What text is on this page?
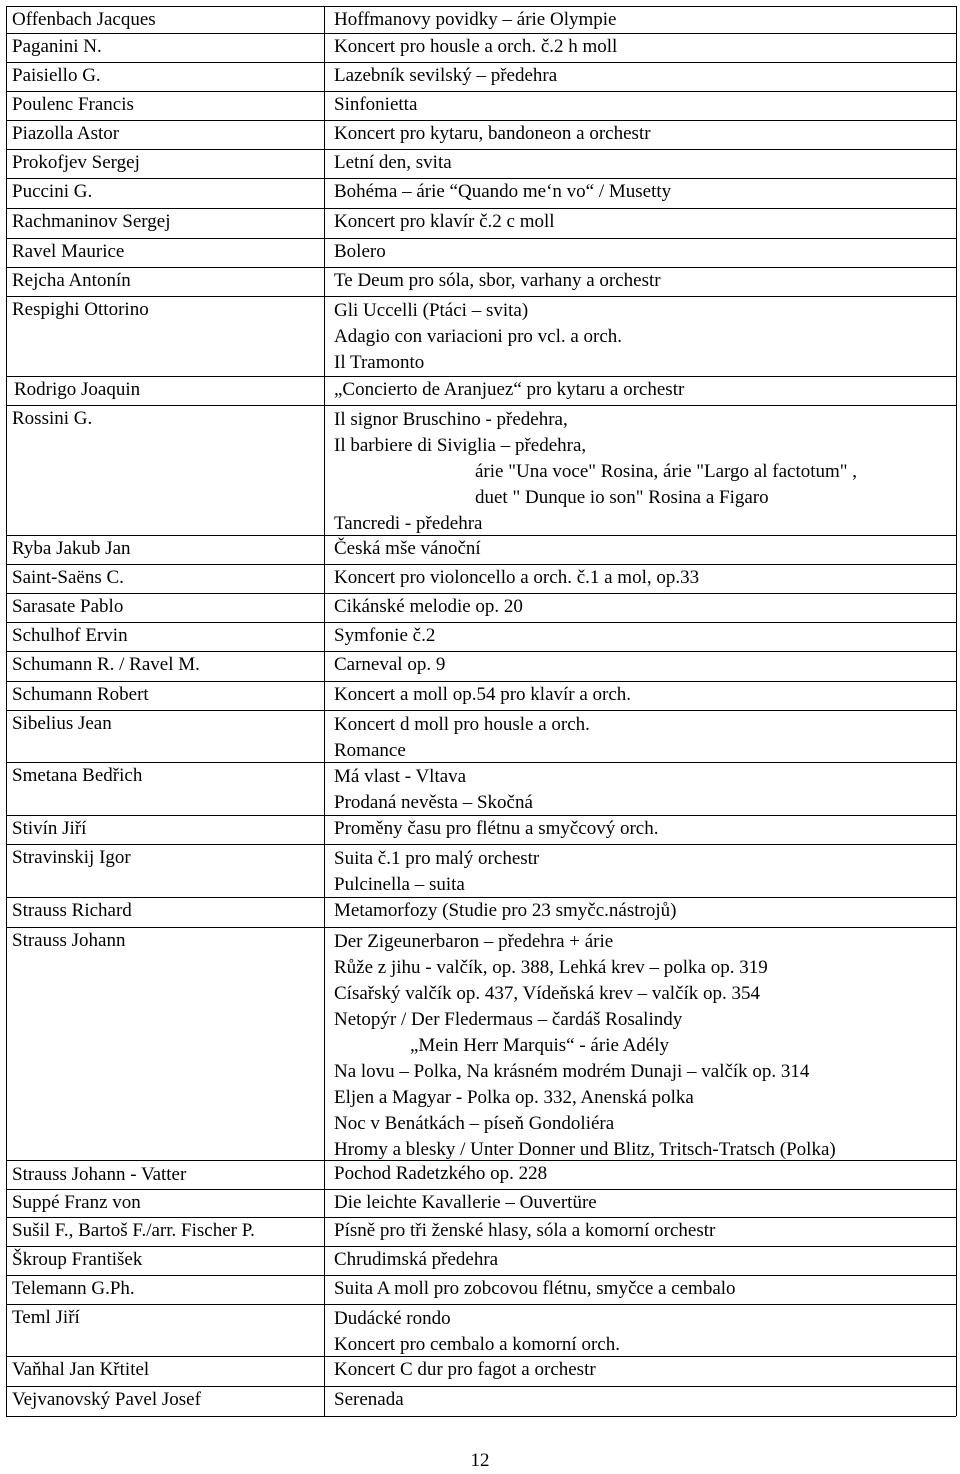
Offenbach Jacques	Hoffmanovy povidky – árie Olympie
Paganini N.	Koncert pro housle a orch. č.2 h moll
Paisiello G.	Lazebník sevilský – předehra
Poulenc Francis	Sinfonietta
Piazolla Astor	Koncert pro kytaru, bandoneon a orchestr
Prokofjev Sergej	Letní den, svita
Puccini G.	Bohéma – árie “Quando me‘n vo“ / Musetty
Rachmaninov Sergej	Koncert pro klavír č.2 c moll
Ravel Maurice	Bolero
Rejcha Antonín	Te Deum pro sóla, sbor, varhany a orchestr
Respighi Ottorino	Gli Uccelli (Ptáci – svita)
Adagio con variacioni pro vcl. a orch.
Il Tramonto
Rodrigo Joaquin	„Concierto de Aranjuez“ pro kytaru a orchestr
Rossini G.	Il signor Bruschino - předehra,
Il barbiere di Siviglia – předehra,
árie "Una voce" Rosina, árie "Largo al factotum" ,
duet " Dunque io son" Rosina a Figaro
Tancredi - předehra
Ryba Jakub Jan	Česká mše vánoční
Saint-Saëns C.	Koncert pro violoncello a orch. č.1 a mol, op.33
Sarasate Pablo	Cikánské melodie op. 20
Schulhof Ervin	Symfonie č.2
Schumann R. / Ravel M.	Carneval op. 9
Schumann Robert	Koncert a moll op.54 pro klavír a orch.
Sibelius Jean	Koncert d moll pro housle a orch.
Romance
Smetana Bedřich	Má vlast - Vltava
Prodaná nevěsta – Skočná
Stivín Jiří	Proměny času pro flétnu a smyčcový orch.
Stravinskij Igor	Suita č.1 pro malý orchestr
Pulcinella – suita
Strauss Richard	Metamorfozy (Studie pro 23 smyčc.nástrojů)
Strauss Johann	Der Zigeunerbaron – předehra + árie
Růže z jihu - valčík, op. 388, Lehká krev – polka op. 319
Císařský valčík op. 437, Vídeňská krev – valčík op. 354
Netopýr / Der Fledermaus – čardáš Rosalindy
„Mein Herr Marquis“ - árie Adély
Na lovu – Polka, Na krásném modrém Dunaji – valčík op. 314
Eljen a Magyar - Polka op. 332, Anenská polka
Noc v Benátkách – píseň Gondoliéra
Hromy a blesky / Unter Donner und Blitz, Tritsch-Tratsch (Polka)
Strauss Johann - Vatter	Pochod Radetzkého op. 228
Suppé Franz von	Die leichte Kavallerie – Ouvertüre
Sušil F., Bartoš F./arr. Fischer P.	Písně pro tři ženské hlasy, sóla a komorní orchestr
Škroup František	Chrudimská předehra
Telemann G.Ph.	Suita A moll pro zobcovou flétnu, smyčce a cembalo
Teml Jiří	Dudácké rondo
Koncert pro cembalo a komorní orch.
Vaňhal Jan Křtitel	Koncert C dur pro fagot a orchestr
Vejvanovský Pavel Josef	Serenada
12
